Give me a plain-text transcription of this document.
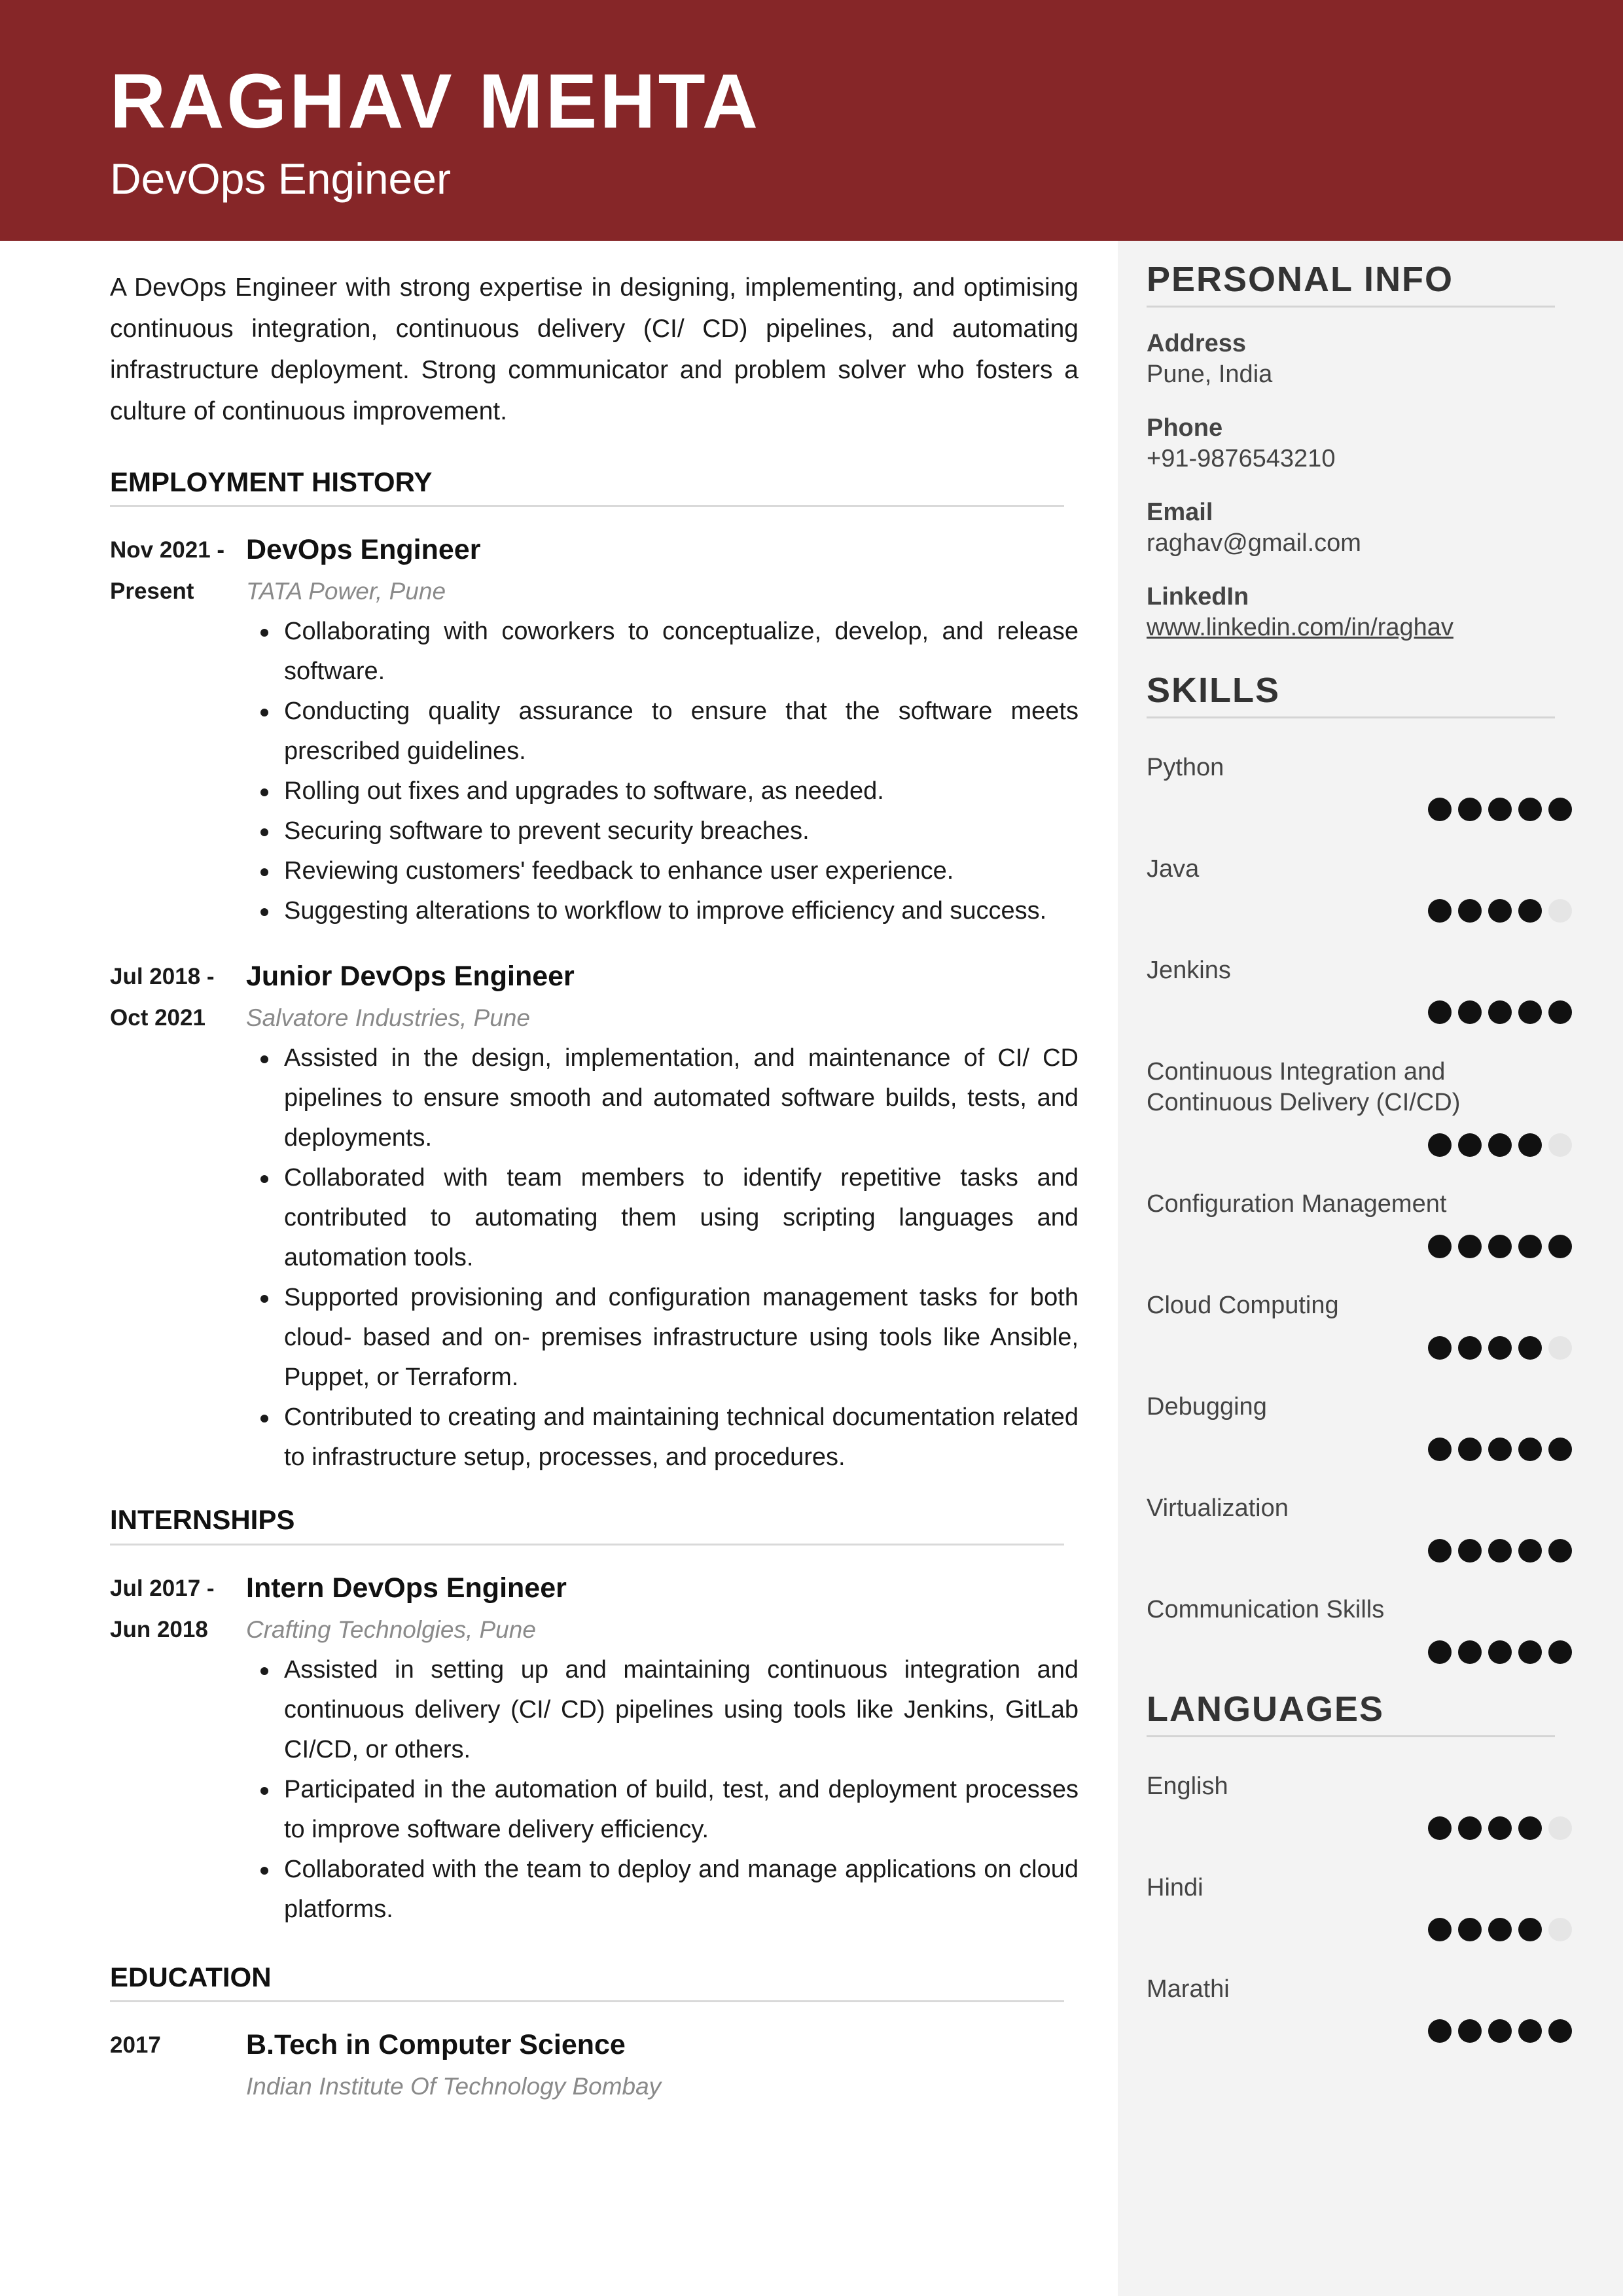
RAGHAV MEHTA
DevOps Engineer

A DevOps Engineer with strong expertise in designing, implementing, and optimising continuous integration, continuous delivery (CI/ CD) pipelines, and automating infrastructure deployment. Strong communicator and problem solver who fosters a culture of continuous improvement.

EMPLOYMENT HISTORY
Nov 2021 -
Present
DevOps Engineer
TATA Power, Pune
Collaborating with coworkers to conceptualize, develop, and release software.
Conducting quality assurance to ensure that the software meets prescribed guidelines.
Rolling out fixes and upgrades to software, as needed.
Securing software to prevent security breaches.
Reviewing customers' feedback to enhance user experience.
Suggesting alterations to workflow to improve efficiency and success.
Jul 2018 -
Oct 2021
Junior DevOps Engineer
Salvatore Industries, Pune
Assisted in the design, implementation, and maintenance of CI/ CD pipelines to ensure smooth and automated software builds, tests, and deployments.
Collaborated with team members to identify repetitive tasks and contributed to automating them using scripting languages and automation tools.
Supported provisioning and configuration management tasks for both cloud- based and on- premises infrastructure using tools like Ansible, Puppet, or Terraform.
Contributed to creating and maintaining technical documentation related to infrastructure setup, processes, and procedures.
INTERNSHIPS
Jul 2017 -
Jun 2018
Intern DevOps Engineer
Crafting Technolgies, Pune
Assisted in setting up and maintaining continuous integration and continuous delivery (CI/ CD) pipelines using tools like Jenkins, GitLab CI/CD, or others.
Participated in the automation of build, test, and deployment processes to improve software delivery efficiency.
Collaborated with the team to deploy and manage applications on cloud platforms.
EDUCATION
2017	B.Tech in Computer Science
Indian Institute Of Technology Bombay
PERSONAL INFO
Address
Pune, India
Phone
+91-9876543210
Email
raghav@gmail.com
LinkedIn
www.linkedin.com/in/raghav
SKILLS
Python
Java
Jenkins
Continuous Integration and Continuous Delivery (CI/CD)
Configuration Management
Cloud Computing
Debugging
Virtualization
Communication Skills
LANGUAGES
English
Hindi
Marathi
